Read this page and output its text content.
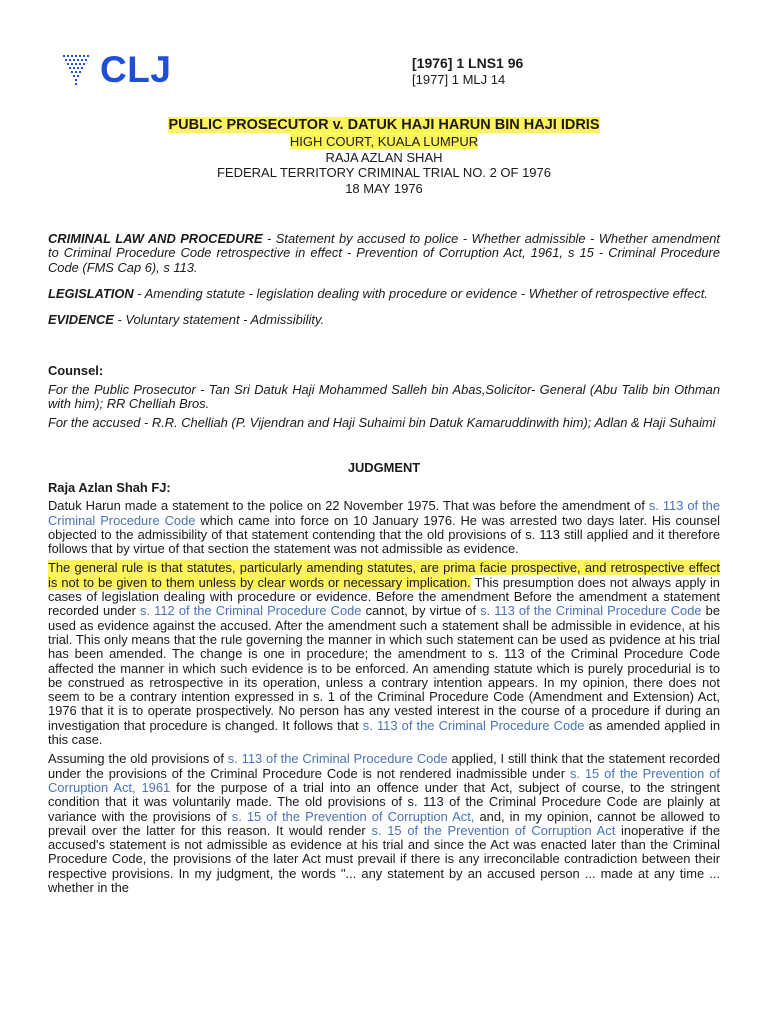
CLJ	[1976] 1 LNS1 96
[1977] 1 MLJ 14
PUBLIC PROSECUTOR v. DATUK HAJI HARUN BIN HAJI IDRIS
HIGH COURT, KUALA LUMPUR
RAJA AZLAN SHAH
FEDERAL TERRITORY CRIMINAL TRIAL NO. 2 OF 1976
18 MAY 1976

CRIMINAL LAW AND PROCEDURE - Statement by accused to police - Whether admissible - Whether amendment to Criminal Procedure Code retrospective in effect - Prevention of Corruption Act, 1961, s 15 - Criminal Procedure Code (FMS Cap 6), s 113.

LEGISLATION - Amending statute - legislation dealing with procedure or evidence - Whether of retrospective effect.

EVIDENCE - Voluntary statement - Admissibility.

Counsel:

For the Public Prosecutor - Tan Sri Datuk Haji Mohammed Salleh bin Abas,Solicitor- General (Abu Talib bin Othman with him); RR Chelliah Bros.

For the accused - R.R. Chelliah (P. Vijendran and Haji Suhaimi bin Datuk Kamaruddinwith him); Adlan & Haji Suhaimi

JUDGMENT

Raja Azlan Shah FJ:

Datuk Harun made a statement to the police on 22 November 1975. That was before the amendment of s. 113 of the Criminal Procedure Code which came into force on 10 January 1976. He was arrested two days later. His counsel objected to the admissibility of that statement contending that the old provisions of s. 113 still applied and it therefore follows that by virtue of that section the statement was not admissible as evidence.

The general rule is that statutes, particularly amending statutes, are prima facie prospective, and retrospective effect is not to be given to them unless by clear words or necessary implication. This presumption does not always apply in cases of legislation dealing with procedure or evidence. Before the amendment Before the amendment a statement recorded under s. 112 of the Criminal Procedure Code cannot, by virtue of s. 113 of the Criminal Procedure Code be used as evidence against the accused. After the amendment such a statement shall be admissible in evidence, at his trial. This only means that the rule governing the manner in which such statement can be used as pvidence at his trial has been amended. The change is one in procedure; the amendment to s. 113 of the Criminal Procedure Code affected the manner in which such evidence is to be enforced. An amending statute which is purely procedurial is to be construed as retrospective in its operation, unless a contrary intention appears. In my opinion, there does not seem to be a contrary intention expressed in s. 1 of the Criminal Procedure Code (Amendment and Extension) Act, 1976 that it is to operate prospectively. No person has any vested interest in the course of a procedure if during an investigation that procedure is changed. It follows that s. 113 of the Criminal Procedure Code as amended applied in this case.

Assuming the old provisions of s. 113 of the Criminal Procedure Code applied, I still think that the statement recorded under the provisions of the Criminal Procedure Code is not rendered inadmissible under s. 15 of the Prevention of Corruption Act, 1961 for the purpose of a trial into an offence under that Act, subject of course, to the stringent condition that it was voluntarily made. The old provisions of s. 113 of the Criminal Procedure Code are plainly at variance with the provisions of s. 15 of the Prevention of Corruption Act, and, in my opinion, cannot be allowed to prevail over the latter for this reason. It would render s. 15 of the Prevention of Corruption Act inoperative if the accused's statement is not admissible as evidence at his trial and since the Act was enacted later than the Criminal Procedure Code, the provisions of the later Act must prevail if there is any irreconcilable contradiction between their respective provisions. In my judgment, the words "... any statement by an accused person ... made at any time ... whether in the
